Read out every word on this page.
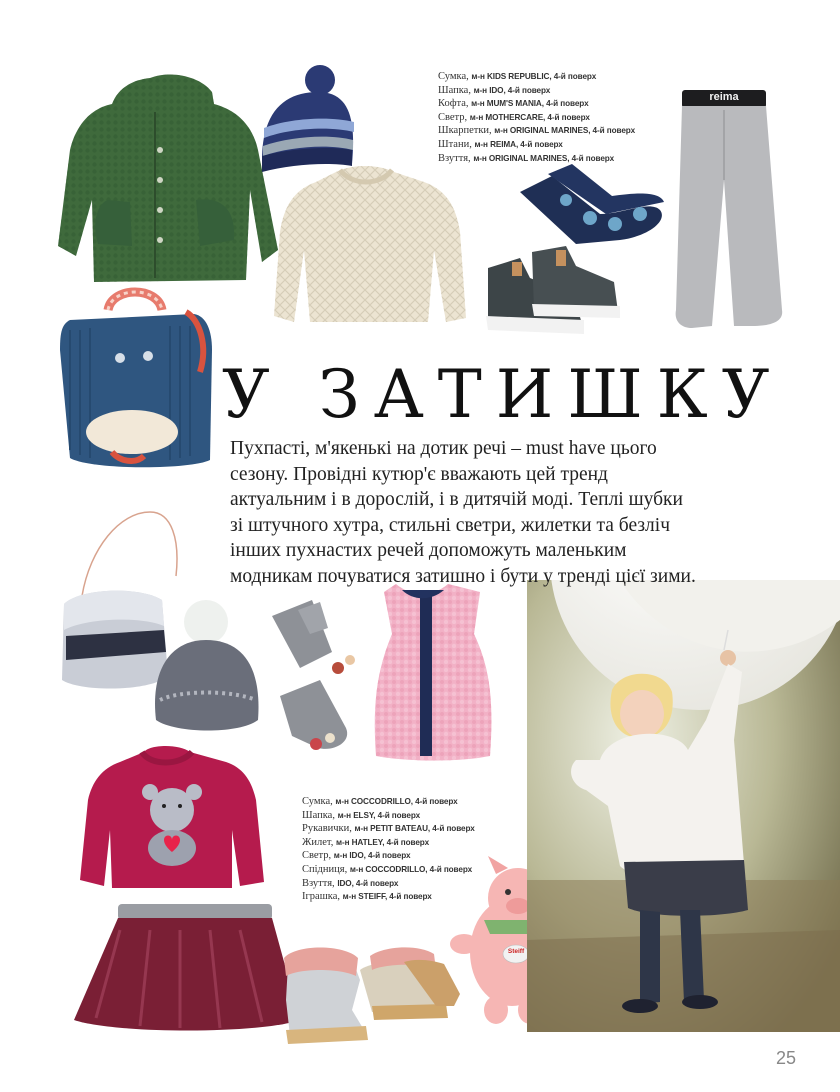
reima
Steiff
Сумка, м-н KIDS REPUBLIC, 4-й поверх
Шапка, м-н IDO, 4-й поверх
Кофта, м-н MUM'S MANIA, 4-й поверх
Светр, м-н MOTHERCARE, 4-й поверх
Шкарпетки, м-н ORIGINAL MARINES, 4-й поверх
Штани, м-н REIMA, 4-й поверх
Взуття, м-н ORIGINAL MARINES, 4-й поверх
У ЗАТИШКУ
Пухпасті, м'якенькі на дотик речі – must have цього сезону. Провідні кутюр'є вважають цей тренд актуальним і в дорослій, і в дитячій моді. Теплі шубки зі штучного хутра, стильні светри, жилетки та безліч інших пухнастих речей допоможуть маленьким модникам почуватися затишно і бути у тренді цієї зими.
Сумка, м-н COCCODRILLO, 4-й поверх
Шапка, м-н ELSY, 4-й поверх
Рукавички, м-н PETIT BATEAU, 4-й поверх
Жилет, м-н HATLEY, 4-й поверх
Светр, м-н IDO, 4-й поверх
Спідниця, м-н COCCODRILLO, 4-й поверх
Взуття, IDO, 4-й поверх
Іграшка, м-н STEIFF, 4-й поверх
25
